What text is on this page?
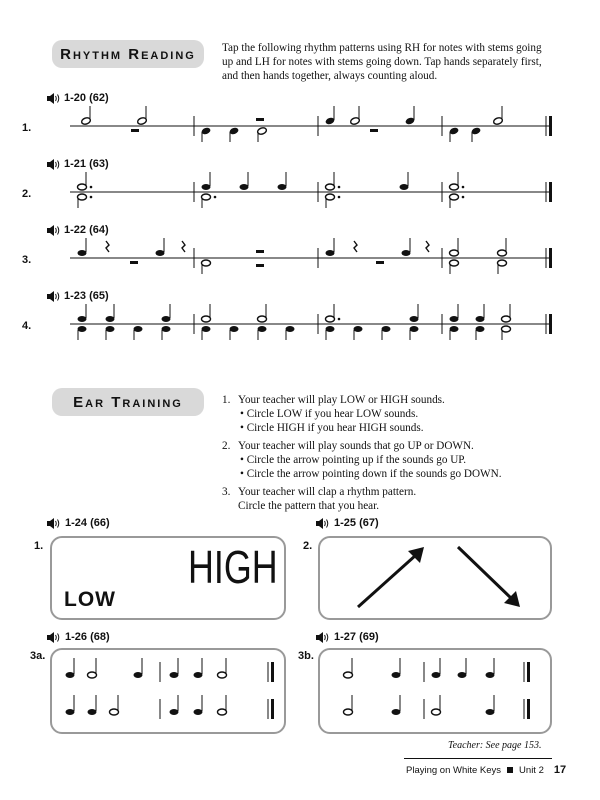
Rhythm Reading Tap the following rhythm patterns using RH for notes with stems going up and LH for notes with stems going down. Tap hands separately first, and then hands together, always counting aloud.
1-20 (62)
1.
1-21 (63)
2.
1-22 (64)
3.
1-23 (65)
4.
Ear Training	1. Your teacher will play LOW or HIGH sounds.
• Circle LOW if you hear LOW sounds.
• Circle HIGH if you hear HIGH sounds.
2. Your teacher will play sounds that go UP or DOWN.
• Circle the arrow pointing up if the sounds go UP.
• Circle the arrow pointing down if the sounds go DOWN.
3. Your teacher will clap a rhythm pattern.
Circle the pattern that you hear.
1-24 (66)
1.
LOW
HIGH
1-25 (67)
2.
1-26 (68)
3a.
1-27 (69)
3b.
Teacher: See page 153.
Playing on White Keys Unit 2 17
